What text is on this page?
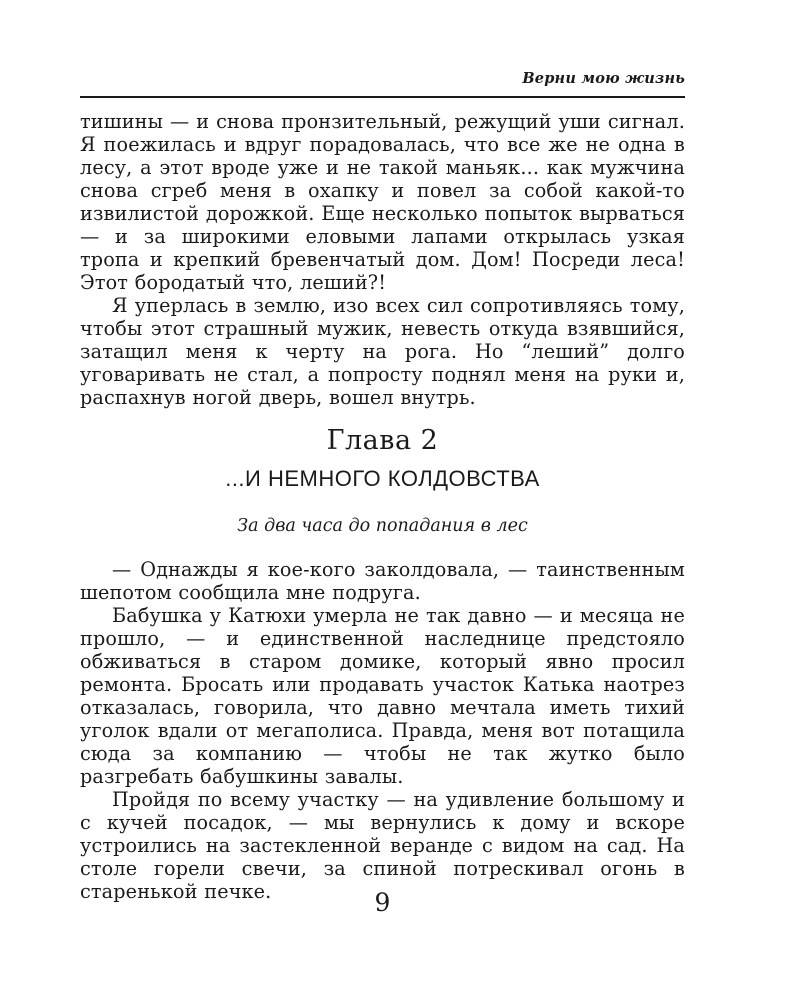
Верни мою жизнь

тишины — и снова пронзительный, режущий уши сигнал. Я поежилась и вдруг порадовалась, что все же не одна в лесу, а этот вроде уже и не такой маньяк... как мужчина снова сгреб меня в охапку и повел за собой какой-то извилистой дорожкой. Еще несколько попыток вырваться — и за широкими еловыми лапами открылась узкая тропа и крепкий бревенчатый дом. Дом! Посреди леса! Этот бородатый что, леший?!

Я уперлась в землю, изо всех сил сопротивляясь тому, чтобы этот страшный мужик, невесть откуда взявшийся, затащил меня к черту на рога. Но “леший” долго уговаривать не стал, а попросту поднял меня на руки и, распахнув ногой дверь, вошел внутрь.

Глава 2
...И НЕМНОГО КОЛДОВСТВА
За два часа до попадания в лес

— Однажды я кое-кого заколдовала, — таинственным шепотом сообщила мне подруга.

Бабушка у Катюхи умерла не так давно — и месяца не прошло, — и единственной наследнице предстояло обживаться в старом домике, который явно просил ремонта. Бросать или продавать участок Катька наотрез отказалась, говорила, что давно мечтала иметь тихий уголок вдали от мегаполиса. Правда, меня вот потащила сюда за компанию — чтобы не так жутко было разгребать бабушкины завалы.

Пройдя по всему участку — на удивление большому и с кучей посадок, — мы вернулись к дому и вскоре устроились на застекленной веранде с видом на сад. На столе горели свечи, за спиной потрескивал огонь в старенькой печке.	9
